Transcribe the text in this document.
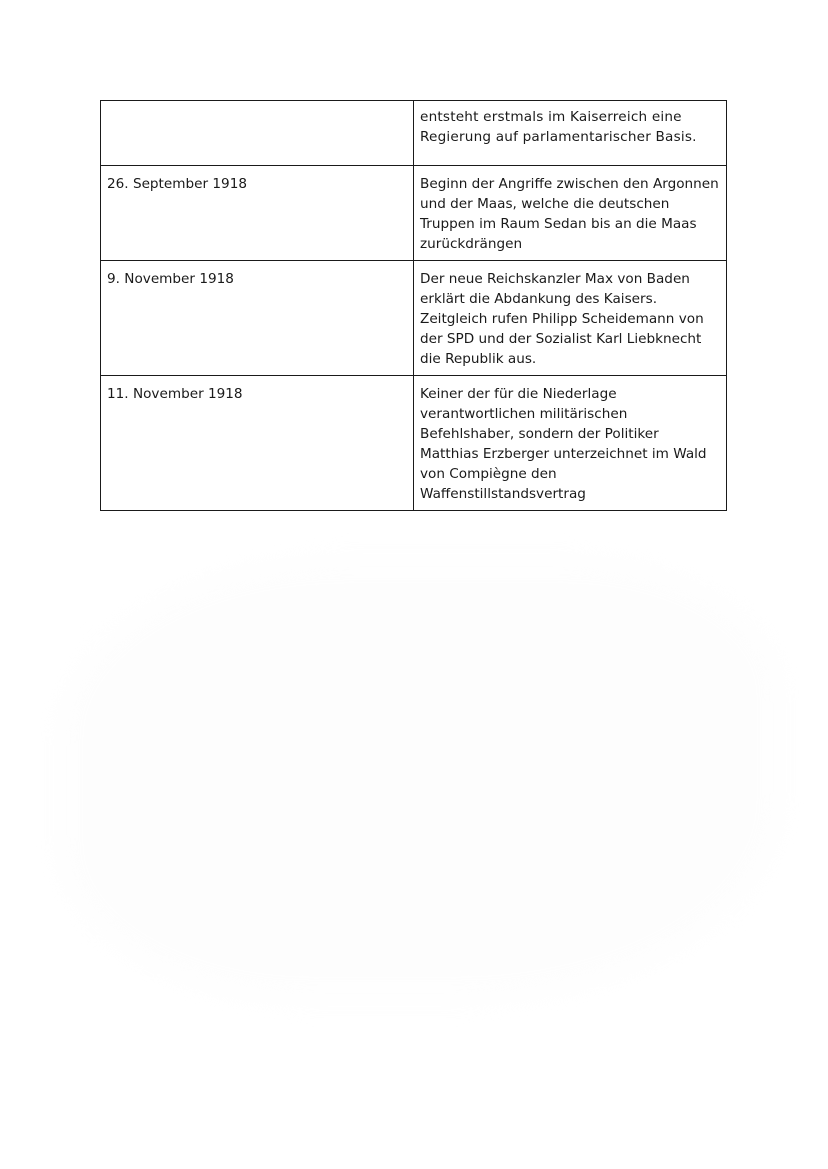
	entsteht erstmals im Kaiserreich eine Regierung auf parlamentarischer Basis.

26. September 1918	Beginn der Angriffe zwischen den Argonnen und der Maas, welche die deutschen Truppen im Raum Sedan bis an die Maas zurückdrängen

9. November 1918	Der neue Reichskanzler Max von Baden erklärt die Abdankung des Kaisers. Zeitgleich rufen Philipp Scheidemann von der SPD und der Sozialist Karl Liebknecht die Republik aus.

11. November 1918	Keiner der für die Niederlage verantwortlichen militärischen Befehlshaber, sondern der Politiker Matthias Erzberger unterzeichnet im Wald von Compiègne den Waffenstillstandsvertrag
